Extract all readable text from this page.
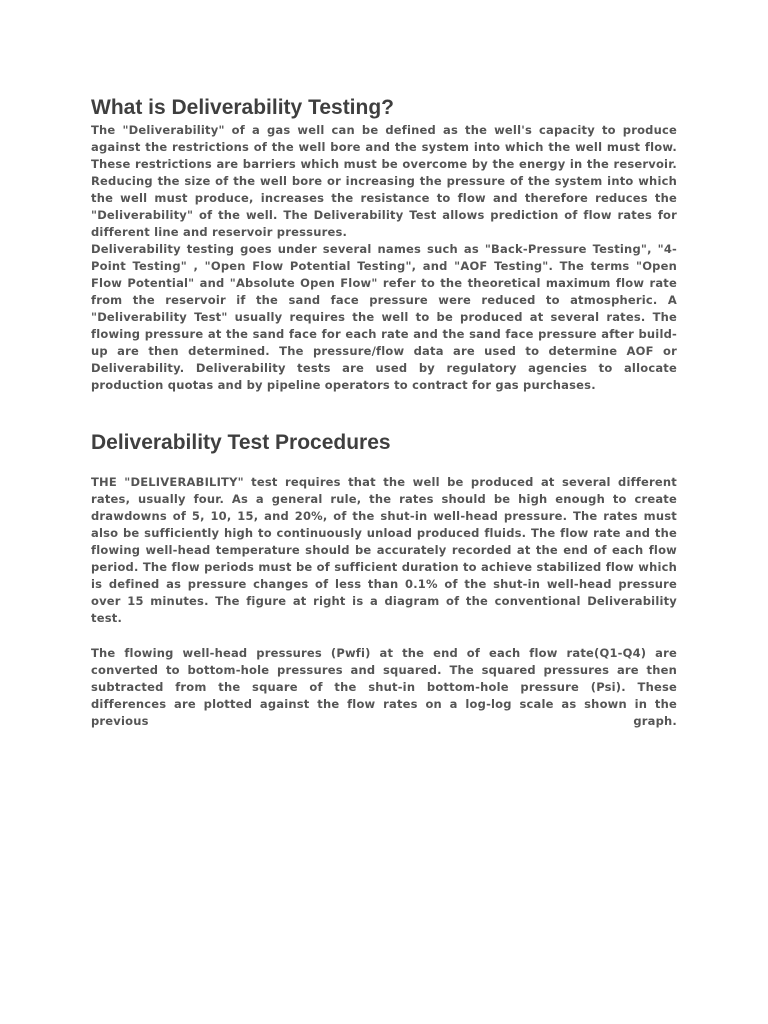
What is Deliverability Testing?

The "Deliverability" of a gas well can be defined as the well's capacity to produce against the restrictions of the well bore and the system into which the well must flow. These restrictions are barriers which must be overcome by the energy in the reservoir. Reducing the size of the well bore or increasing the pressure of the system into which the well must produce, increases the resistance to flow and therefore reduces the "Deliverability" of the well. The Deliverability Test allows prediction of flow rates for different line and reservoir pressures.

Deliverability testing goes under several names such as "Back-Pressure Testing", "4-Point Testing" , "Open Flow Potential Testing", and "AOF Testing". The terms "Open Flow Potential" and "Absolute Open Flow" refer to the theoretical maximum flow rate from the reservoir if the sand face pressure were reduced to atmospheric. A "Deliverability Test" usually requires the well to be produced at several rates. The flowing pressure at the sand face for each rate and the sand face pressure after build-up are then determined. The pressure/flow data are used to determine AOF or Deliverability. Deliverability tests are used by regulatory agencies to allocate production quotas and by pipeline operators to contract for gas purchases.

Deliverability Test Procedures

THE "DELIVERABILITY" test requires that the well be produced at several different rates, usually four. As a general rule, the rates should be high enough to create drawdowns of 5, 10, 15, and 20%, of the shut-in well-head pressure. The rates must also be sufficiently high to continuously unload produced fluids. The flow rate and the flowing well-head temperature should be accurately recorded at the end of each flow period. The flow periods must be of sufficient duration to achieve stabilized flow which is defined as pressure changes of less than 0.1% of the shut-in well-head pressure over 15 minutes. The figure at right is a diagram of the conventional Deliverability test.

The flowing well-head pressures (Pwfi) at the end of each flow rate(Q1-Q4) are converted to bottom-hole pressures and squared. The squared pressures are then subtracted from the square of the shut-in bottom-hole pressure (Psi). These differences are plotted against the flow rates on a log-log scale as shown in the previous graph.
